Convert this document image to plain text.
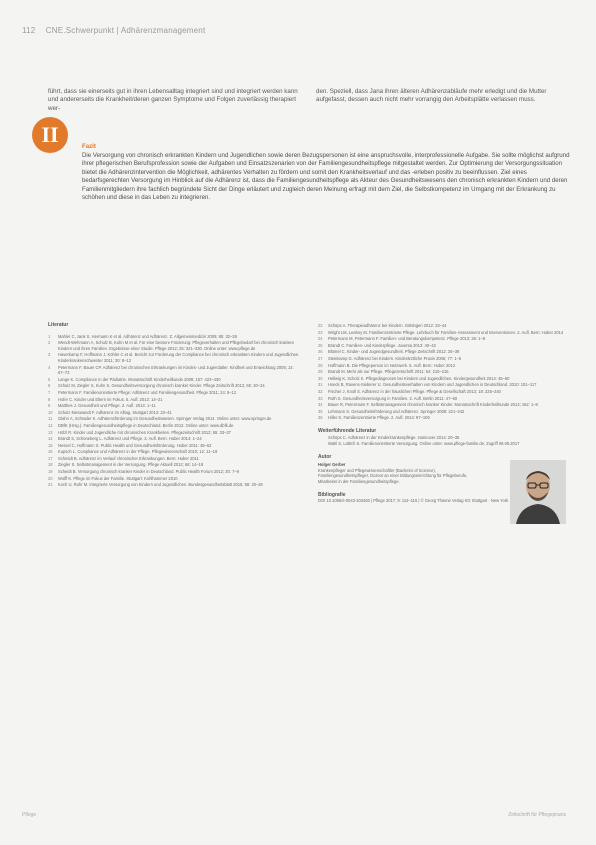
112 CNE.Schwerpunkt | Adhärenzmanagement
führt, dass sie einerseits gut in ihren Lebensalltag integriert sind und integriert werden kann und andererseits die Krankheit/deren ganzen Symptome und Folgen zuverlässig therapiert wer-
den. Speziell, dass Jana ihren älteren Adhärenzabläufe mehr erledigt und die Mutter aufgefasst, dessen auch nicht mehr vorrangig den Arbeitsplätte verlassen muss.
II	Fazit
Die Versorgung von chronisch erkrankten Kindern und Jugendlichen sowie deren Bezugspersonen ist eine anspruchsvolle, interprofessionelle Aufgabe. Sie sollte möglichst aufgrund ihrer pflegerischen Berufsprofession sowie der Aufgaben und Einsatzszenarien von der Familiengesundheitspflege mitgestaltet werden. Zur Optimierung der Versorgungssituation bietet die Adhärenzintervention die Möglichkeit, adhärentes Verhalten zu fördern und somit den Krankheitsverlauf und das -erleben positiv zu beeinflussen. Ziel eines bedarfsgerechten Versorgung im Hinblick auf die Adhärenz ist, dass die Familiengesundheitspflege als Akteur des Gesundheitswesens den chronisch erkrankten Kindern und deren Familienmitgliedern ihre fachlich begründete Sicht der Dinge erläutert und zugleich deren Meinung erfragt mit dem Ziel, die Selbstkompetenz im Umgang mit der Erkrankung zu schöhen und diese in das Leben zu integrieren.
Literatur
1	Mahler C, Jank S, Hermann K et al. Adhärenz und Adhärenz. Z. Allgemeinmedizin 2009; 85: 32–38
2	Wendt-Wehmann A, Schulz B, Kuhn M et al. Für eine bessere Förderung: Pflegeverhalten und Pflegebedarf bei chronisch kranken Kindern und ihren Familien. Ergebnisse einer Studie. Pflege 2012; 25: 321–330. Online unter: www.pflege.de
3	Haverkamp F, Hoffmann J, Köhler C et al. Bericht zur Förderung der Compliance bei chronisch erkrankten Kindern und Jugendlichen. Kinderkrankenschwester 2011; 30: 8–12
4	Petermann F, Bauer CP. Adhärenz bei chronischen Erkrankungen im Kindes- und Jugendalter. Kindheit und Entwicklung 2005; 14: 67–73
5	Lange K. Compliance in der Pädiatrie. Monatsschrift Kinderheilkunde 2009; 157: 423–430
6	Schulz M, Ziegler S, Kuhn S. Gesundheitsversorgung chronisch kranker Kinder. Pflege Zeitschrift 2012; 65: 20–24
7	Petermann F. Familienorientierte Pflege: Adhärenz und Familiengesundheit. Pflege 2011; 24: 5–12
8	Hofer C. Kinder und Eltern im Fokus. 5. Aufl. 2013: 14–21
9	Matthes J. Gesundheit und Pflege. 2. Aufl. 2013: 1–11
10	Schulz-Nieswandt F. Adhärenz im Alltag. Stuttgart 2013: 23–41
11	Glahn A, Schrader K. Adhärenzförderung im Gesundheitswesen. Springer Verlag 2014. Online unter: www.springer.de
12	DBfK (Hrsg.). Familiengesundheitspflege in Deutschland. Berlin 2012. Online unter: www.dbfk.de
13	Hölzl R. Kinder und Jugendliche mit chronischen Krankheiten. Pflegezeitschrift 2012; 65: 33–37
14	Brandt S, Schöneberg L. Adhärenz und Pflege. 3. Aufl. Bern: Huber 2014: 1–24
15	Nessel C, Hoffmann S. Public Health und Gesundheitsförderung. Huber 2011: 45–62
16	Kupsch L. Compliance und Adhärenz in der Pflege. Pflegewissenschaft 2010; 12: 11–19
17	Schmidt B. Adhärenz im Verlauf chronischer Erkrankungen. Bern: Huber 2011
18	Ziegler S. Selbstmanagement in der Versorgung. Pflege Aktuell 2012; 66: 14–19
19	Scheidt B. Versorgung chronisch kranker Kinder in Deutschland. Public Health Forum 2012; 20: 7–9
20	Wolff K. Pflege im Fokus der Familie. Stuttgart: Kohlhammer 2010
21	Koch U, Ruhr M. Integrierte Versorgung von Kindern und Jugendlichen. Bundesgesundheitsblatt 2015; 58: 20–26
22	Schöps A. Therapieadhärenz bei Kindern. Göttingen 2012: 33–44
23	Wright LM, Leahey M. Familienzentrierte Pflege. Lehrbuch für Familien-Assessment und Interventionen. 2. Aufl. Bern: Huber 2014
24	Petermann M, Petermann F. Familien- und Beratungskompetenz. Pflege 2013; 26: 1–8
25	Brandt C. Familien- und Kinderpflege. Juventa 2013: 40–42
26	Blümel C. Kinder- und Jugendgesundheit. Pflege Zeitschrift 2012: 36–39
27	Steinkamp G. Adhärenz bei Kindern. Kinderärztliche Praxis 2006; 77: 1–6
28	Hoffmann B. Die Pflegeperson im Netzwerk. 5. Aufl. Bern: Huber 2012
29	Brandt M. Mehr als nur Pflege. Pflegezeitschrift 2011; 64: 210–215
30	Hellwig K, Scholz K. Pflegediagnosen bei Kindern und Jugendlichen. Kindergesundheit 2014: 45–50
31	Hoeck B, Ravens-Sieberer U. Gesundheitsverhalten von Kindern und Jugendlichen in Deutschland. 2010: 101–117
32	Fischer J, Knoll S. Adhärenz in der häuslichen Pflege. Pflege & Gesellschaft 2013; 18: 225–240
33	Roth S. Gesundheitsversorgung in Familien. 2. Aufl. Berlin 2011: 47–60
34	Bauer R, Petermann F. Selbstmanagement chronisch kranker Kinder. Monatsschrift Kinderheilkunde 2014; 162: 1–8
35	Lehmann S. Gesundheitsförderung und Adhärenz. Springer 2008: 221–242
36	Hiller K. Familienzentrierte Pflege. 2. Aufl. 2014: 97–106
Weiterführende Literatur
Schöps C. Adhärenz in der Kinderkrankenpflege. Hannover 2014: 20–35
Wahl S, Lüttich S. Familienorientierte Versorgung. Online unter: www.pflege-familie.de; Zugriff 08.06.2017
Autor
Holger Gerber
Krankenpfleger und Pflegewissenschaftler (Bachelor of Science), Familiengesundheitspfleger, Dozent an einer Bildungseinrichtung für Pflegeberufe, Mitarbeiter in der Familiengesundheitspflege.
Bibliografie
DOI 10.1055/s-0043-103460 | Pflege 2017; 9: 112–116 | © Georg Thieme Verlag KG Stuttgart · New York
Pflege	Zeitschrift für Pflegepraxis
